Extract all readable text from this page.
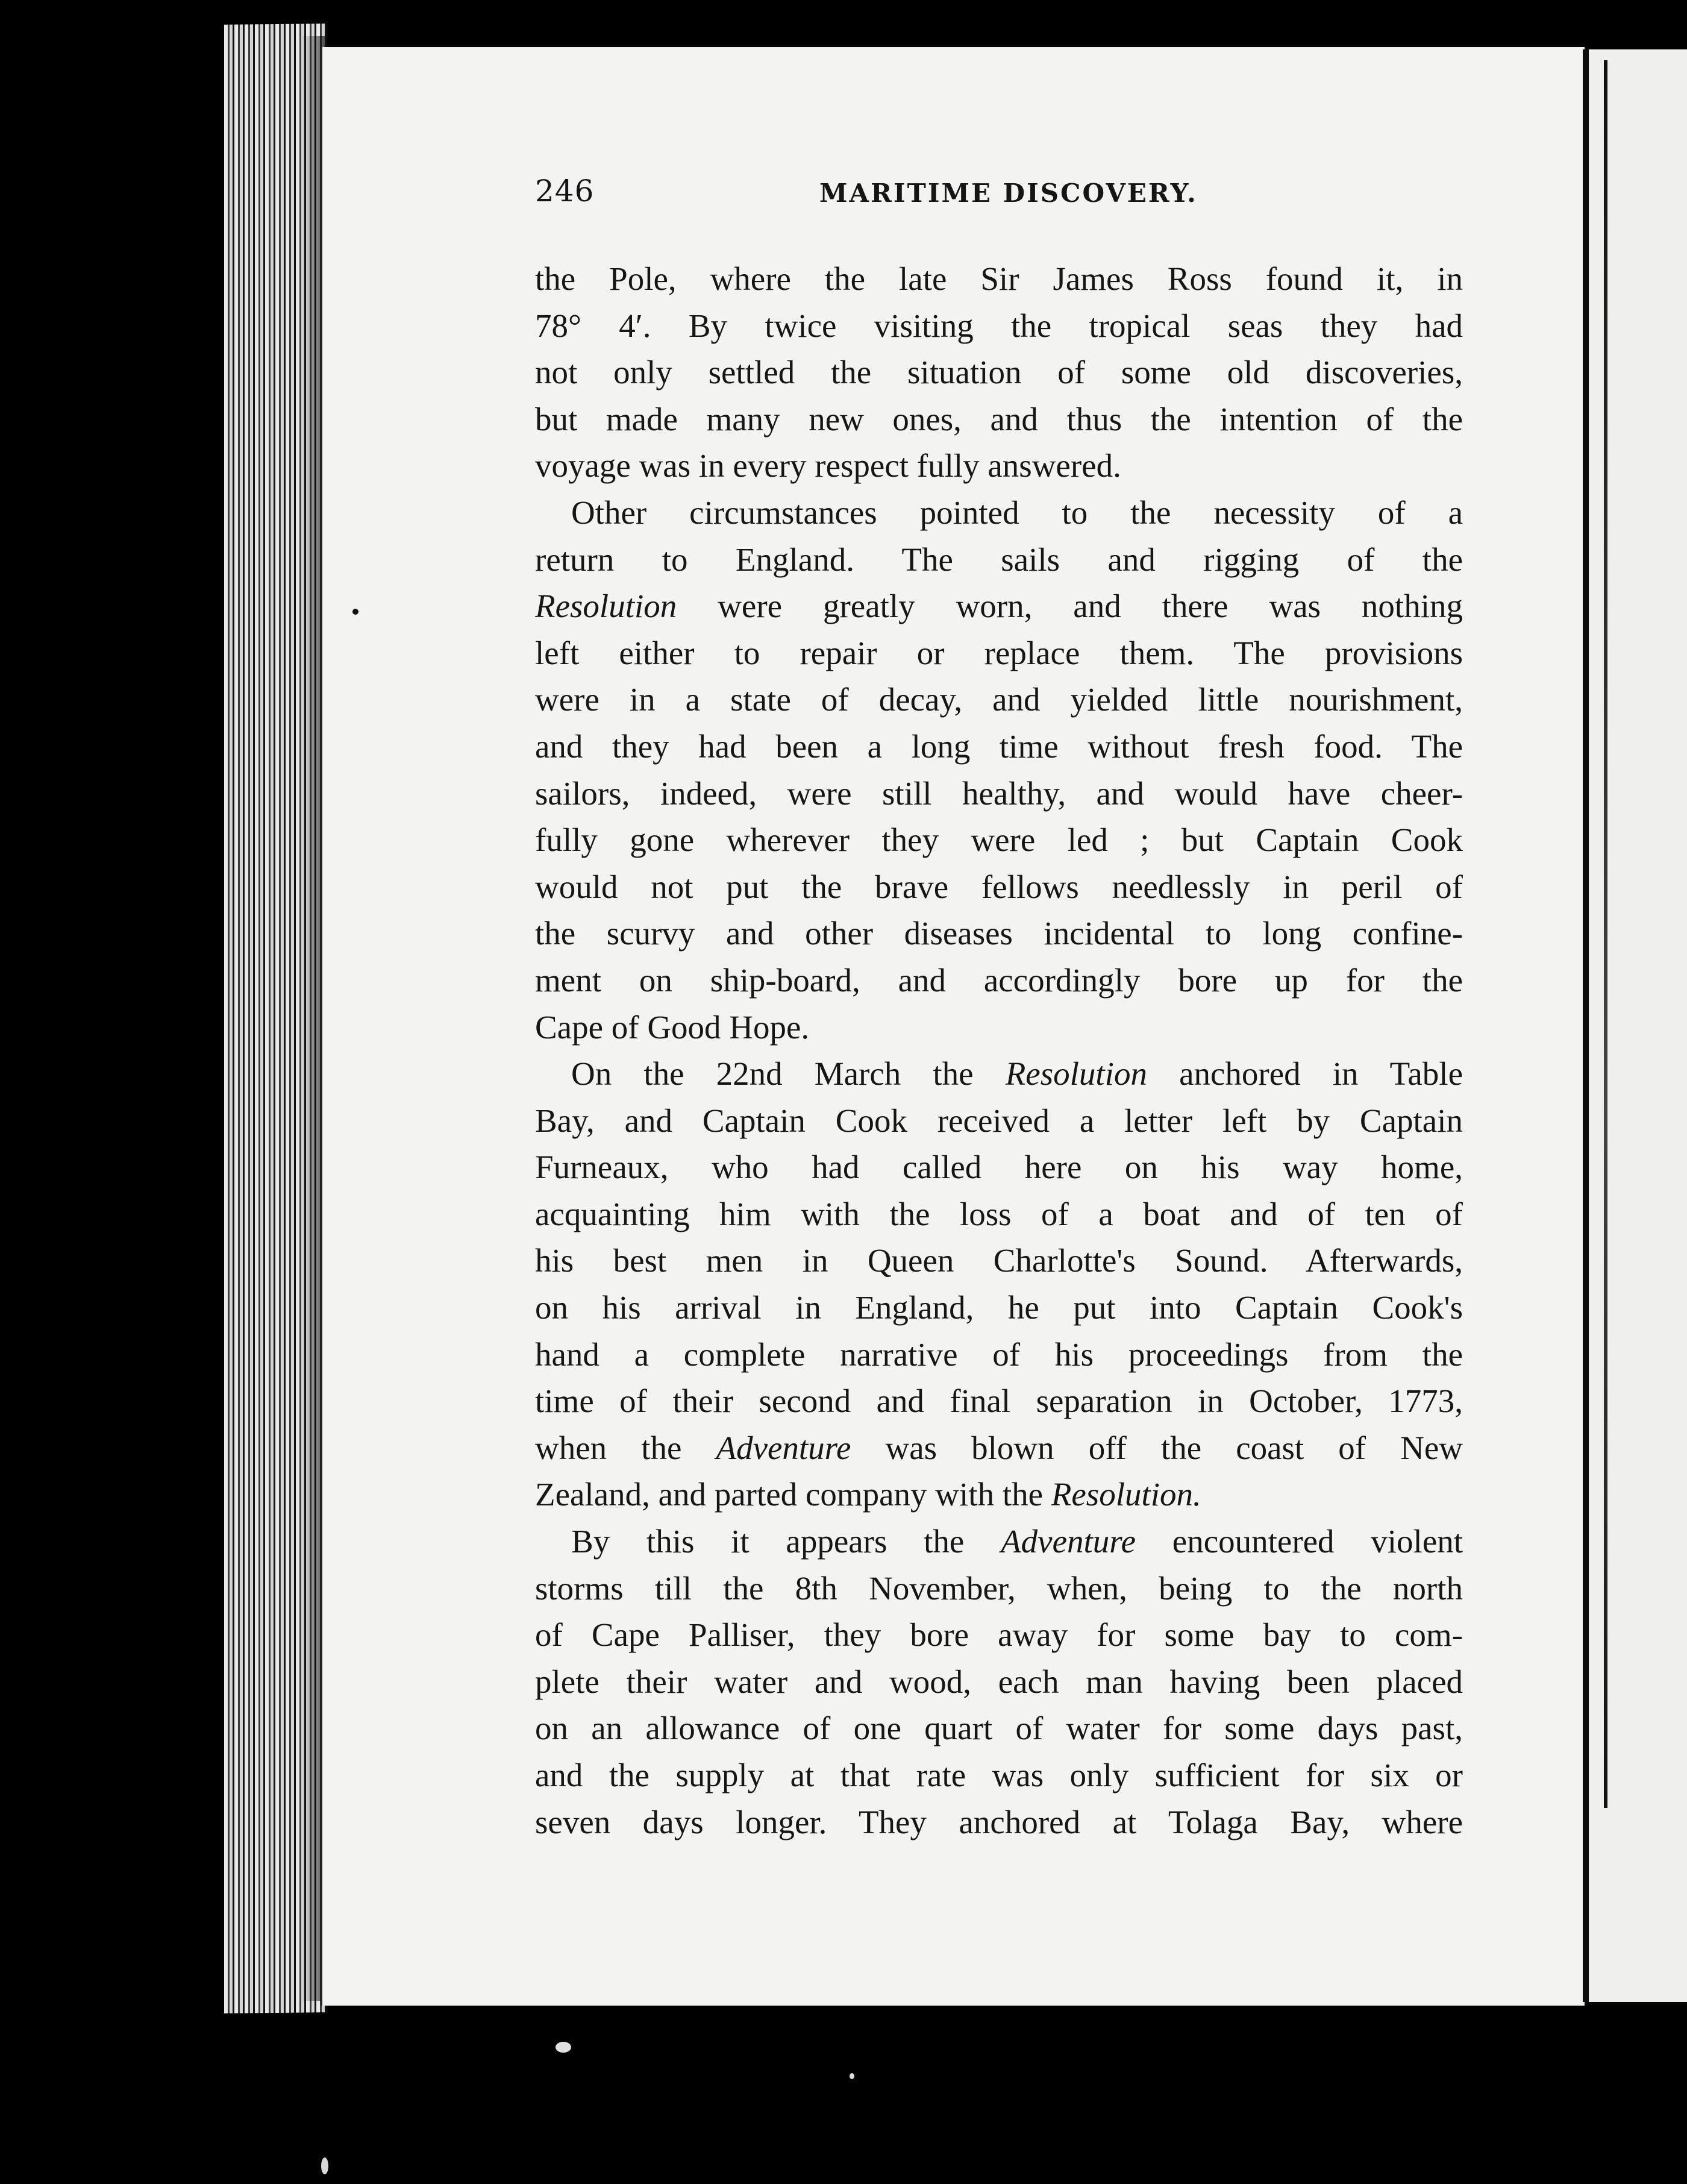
246	MARITIME DISCOVERY.
the Pole, where the late Sir James Ross found it, in
78° 4′. By twice visiting the tropical seas they had
not only settled the situation of some old discoveries,
but made many new ones, and thus the intention of the
voyage was in every respect fully answered.
Other circumstances pointed to the necessity of a
return to England. The sails and rigging of the
Resolution were greatly worn, and there was nothing
left either to repair or replace them. The provisions
were in a state of decay, and yielded little nourishment,
and they had been a long time without fresh food. The
sailors, indeed, were still healthy, and would have cheer-
fully gone wherever they were led ; but Captain Cook
would not put the brave fellows needlessly in peril of
the scurvy and other diseases incidental to long confine-
ment on ship-board, and accordingly bore up for the
Cape of Good Hope.
On the 22nd March the Resolution anchored in Table
Bay, and Captain Cook received a letter left by Captain
Furneaux, who had called here on his way home,
acquainting him with the loss of a boat and of ten of
his best men in Queen Charlotte's Sound. Afterwards,
on his arrival in England, he put into Captain Cook's
hand a complete narrative of his proceedings from the
time of their second and final separation in October, 1773,
when the Adventure was blown off the coast of New
Zealand, and parted company with the Resolution.
By this it appears the Adventure encountered violent
storms till the 8th November, when, being to the north
of Cape Palliser, they bore away for some bay to com-
plete their water and wood, each man having been placed
on an allowance of one quart of water for some days past,
and the supply at that rate was only sufficient for six or
seven days longer. They anchored at Tolaga Bay, where
